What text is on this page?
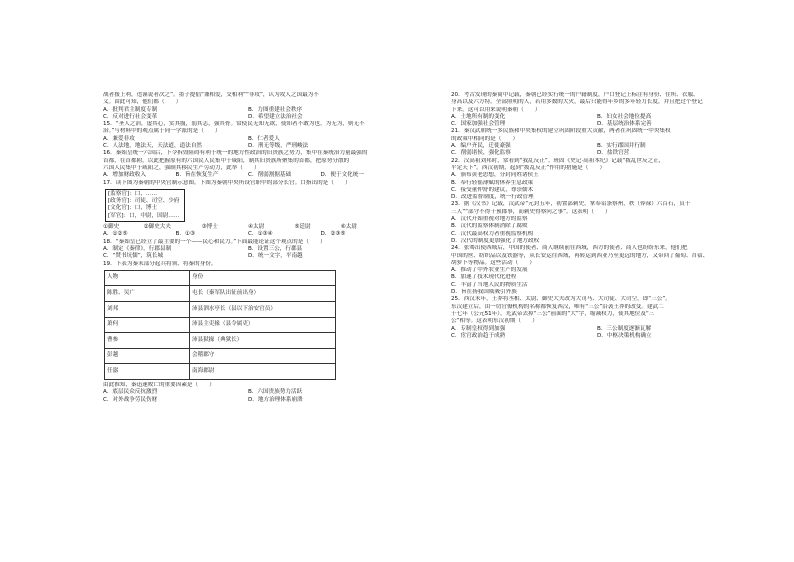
战者援上利，违谨说者次之”。墨子提倡“兼相爱，交相利”“非攻”，认为攻人之国最为不
义。由此可知，他们都（　　）
A．批判君主制度专制	B．力图重建社会秩序
C．反对进行社会变革	D．希望建立法治社会
15．“圣人之治，虚其心，实其腹，弱其志，强其骨。常使民无知无欲，使知者不敢为也。为无为，则无不
治。”与材料中的观点属于同一学派的是（　　）
A．兼爱非攻	B．仁者爱人
C．人法地，地法天，天法道，道法自然	D．刑无等级，严刑峻法
16．秦始皇统一六国后，下令拆毁阻碍有利于统一的地方性政治的旧贵族之势力，集中在秦统治力量最强的
首都，在首都附，以此把握原有的六国民人民集中于咸阳，制其旧贵族所聚集的首都，把原势分散的
六国人民集中于咸阳之，强制其移民生产劳动力，此举（　　）
A．增加财政收入	B．旨在恢复生产	C．削弱割据基础	D．便于文化统一
17．读下图为秦朝的中央官制示意图。下图为秦朝中央所设官职中的部分长官。口指出的是（　　）
[监察官]：口，……
[政务官]：司徒、司空、少府
[文化官]：口，博士
[军官]：口，中尉，国尉……
①御史	②御史大夫	③博士	④太尉	⑤廷尉	⑥太尉
A．①②⑤	B．①③	C．①③④	D．②③⑤
18．“秦始皇已经立了最主要的一个——民心和民力。”下面最能论证这个观点的是（　　）
A．制定《秦律》，行郡县制	B．设置三公，行郡县
C．“焚书坑儒”，筑长城	D．统一文字，平南越
19．下表为秦末部分起兵将领、将秦的身份。
人物	身份
陈胜、吴广	屯长（秦军队出征前出身）
刘邦	沛县泗水亭长（县以下治安官员）
萧何	沛县主吏掾（县令属吏）
曹参	沛县狱掾（典狱长）
彭越	会稽郡守
任嚣	南海郡尉
由此推知，秦迅速败亡的重要因素是（　　）
A．底层民众反抗激烈	B．六国贵族势力活跃
C．对外战争劳民伤财	D．地方治理体系崩溃
20．考古发现的秦简中记载，秦朝已经实行统一的户籍制度，户口登记上标注有身份、住所、衣服、
身高以及六方特。全部照明的人，若用多数的大火，最后只能得年乡的多年轻力长度，并且把过个登记
下来。这可以用来说明秦朝（　　）
A．土地所有制的变化	B．妇女社会地位提高
C．国家加强社会管理	D．基层统治体系完善
21．秦汉武朝统一多民族和中央集权的建立巩固阶段重大贡献，两者在巩固统一中央集权
的政策中相同的是（　　）
A．编户齐民，迁徙豪强	B．实行郡国并行制
C．削弱诸侯，强化监察	D．盐铁官营
22．汉高祖刘邦时，常看到“我乱反正”。班固《史记·高祖本纪》记载“拨乱世反之正，
平定天下”。西汉初期，起到“拨乱反正”作用的措施是（　　）
A．颁布黄老思想，分封同姓诸侯王
B．奉行轻徭薄赋的休养生息政策
C．接受董仲舒的建议，尊崇儒术
D．改进监督制度，统一行政管理
23．据《汉书》记载，汉武帝“元封五年，初置部刺史，掌奉诏条察州，秩（俸禄）六百石，员十
三人”“部守不得干预郡事，而刺史得察问之事”。这表明（　　）
A．汉代开始重视对地方的监察
B．汉代的监察体制消除了腐败
C．汉代最高权力者重视监察机构
D．汉代的制度更加强化了地方政权
24．张骞出使西域后，中国的使者、商人继续前往西域，西方的使者、商人也纷纷东来，他们把
中国的丝、纺织品以及铁器等，从长安运往西域，再转运到西亚乃至更远的地方，又带回了葡萄、苜蓿、
胡萝卜等物品。这些活动（　　）
A．推动了中外农业生产的发展
B．加速了技术现代化进程
C．丰富了当地人民的物质生活
D．旨在扬我国威吸引外族
25．西汉末年，王莽将丞相、太尉、御史大夫改为大司马、大司徒、大司空，即“三公”。
东汉建立后，由一切官僚机构的名称都恢复西汉，唯有“三公”沿袭王莽的改变。建武二
十七年（公元51年），光武帝去掉“三公”前面的“大”字，缩减权力，使其地位及“三
公”相等。这表明东汉初期（　　）
A．专制皇权得到加强	B．三公制度逐渐瓦解
C．宦官政治趋于成熟	D．中枢决策机构确立
